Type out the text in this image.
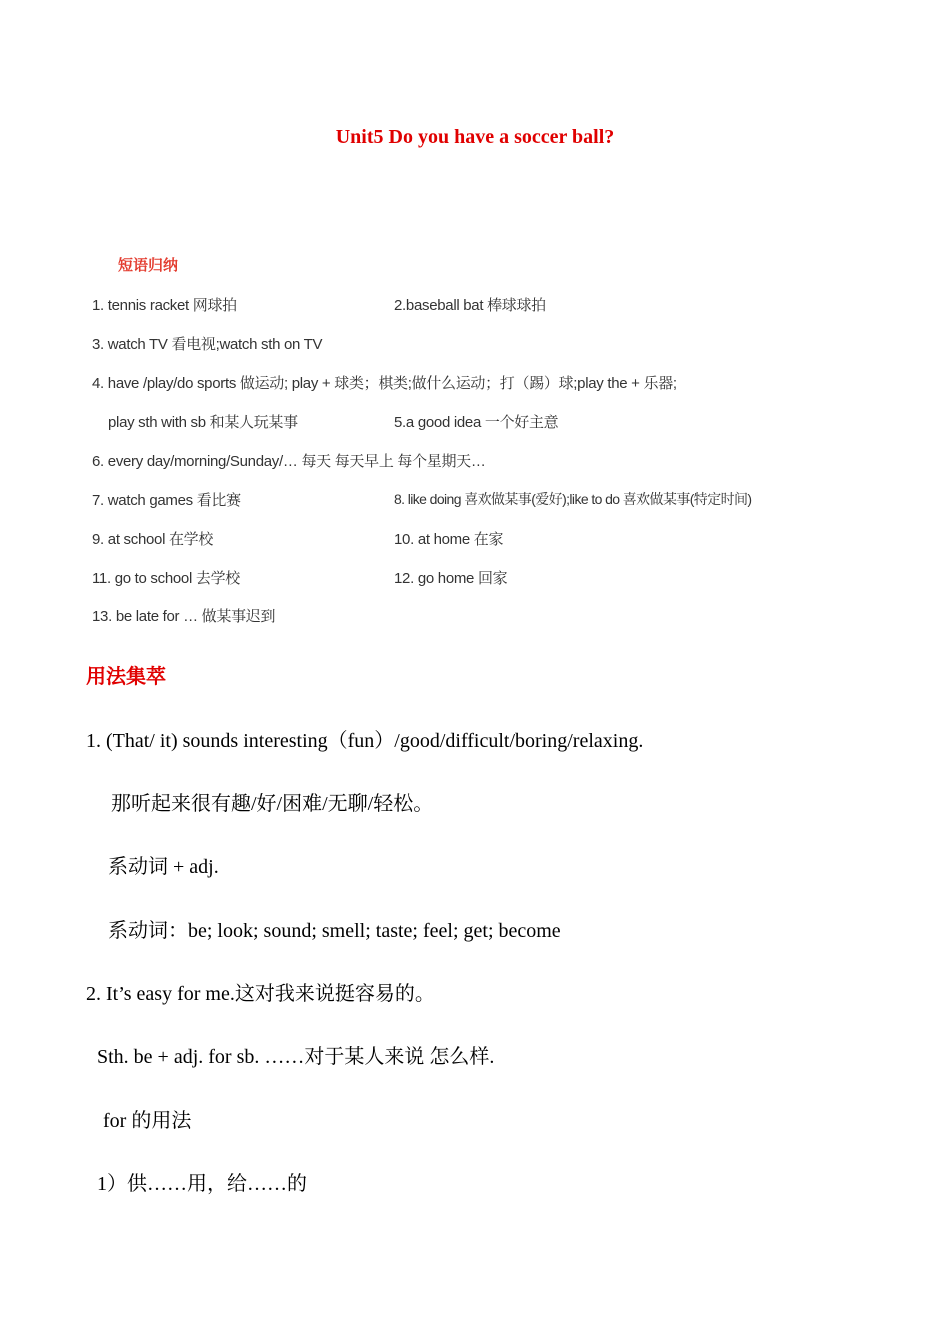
Unit5 Do you have a soccer ball?
短语归纳
1. tennis racket 网球拍	2.baseball bat 棒球球拍
3. watch TV 看电视;watch sth on TV
4. have /play/do sports 做运动; play + 球类；棋类;做什么运动；打（踢）球;play the + 乐器;
play sth with sb 和某人玩某事	5.a good idea 一个好主意
6. every day/morning/Sunday/… 每天 每天早上 每个星期天…
7. watch games 看比赛	8. like doing 喜欢做某事(爱好);like to do 喜欢做某事(特定时间)
9. at school 在学校	10. at home 在家
11. go to school 去学校	12. go home 回家
13. be late for … 做某事迟到
用法集萃
1. (That/ it) sounds interesting（fun）/good/difficult/boring/relaxing.
那听起来很有趣/好/困难/无聊/轻松。
系动词 + adj.
系动词：be; look; sound; smell; taste; feel; get; become
2. It’s easy for me.这对我来说挺容易的。
Sth. be + adj. for sb. ……对于某人来说 怎么样.
for 的用法
1）供……用，给……的
